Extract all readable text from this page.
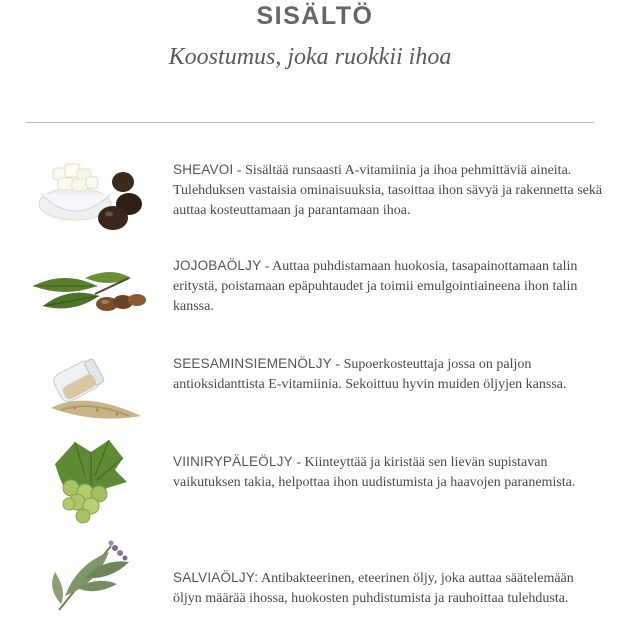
SISÄLTÖ
Koostumus, joka ruokkii ihoa
SHEAVOI - Sisältää runsaasti A-vitamiinia ja ihoa pehmittäviä aineita. Tulehduksen vastaisia ominaisuuksia, tasoittaa ihon sävyä ja rakennetta sekä auttaa kosteuttamaan ja parantamaan ihoa.
JOJOBAÖLJY - Auttaa puhdistamaan huokosia, tasapainottamaan talin eritystä, poistamaan epäpuhtaudet ja toimii emulgointiaineena ihon talin kanssa.
SEESAMINSIEMENÖLJY - Supoerkosteuttaja jossa on paljon antioksidanttista E-vitamiinia. Sekoittuu hyvin muiden öljyjen kanssa.
VIINIRYPÄLEÖLJY - Kiinteyttää ja kiristää sen lievän supistavan vaikutuksen takia, helpottaa ihon uudistumista ja haavojen paranemista.
SALVIAÖLJY: Antibakteerinen, eteerinen öljy, joka auttaa säätelemään öljyn määrää ihossa, huokosten puhdistumista ja rauhoittaa tulehdusta.
